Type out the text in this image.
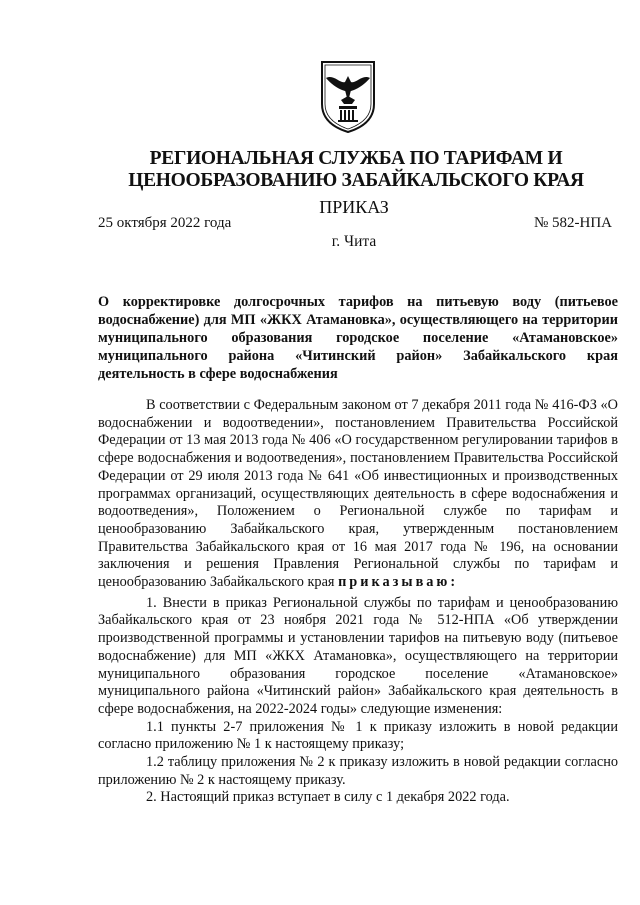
РЕГИОНАЛЬНАЯ СЛУЖБА ПО ТАРИФАМ И
ЦЕНООБРАЗОВАНИЮ ЗАБАЙКАЛЬСКОГО КРАЯ
ПРИКАЗ
25 октября 2022 года	№ 582-НПА
г. Чита
О корректировке долгосрочных тарифов на питьевую воду (питьевое водоснабжение) для МП «ЖКХ Атамановка», осуществляющего на территории муниципального образования городское поселение «Атамановское» муниципального района «Читинский район» Забайкальского края деятельность в сфере водоснабжения

В соответствии с Федеральным законом от 7 декабря 2011 года № 416-ФЗ «О водоснабжении и водоотведении», постановлением Правительства Российской Федерации от 13 мая 2013 года № 406 «О государственном регулировании тарифов в сфере водоснабжения и водоотведения», постановлением Правительства Российской Федерации от 29 июля 2013 года № 641 «Об инвестиционных и производственных программах организаций, осуществляющих деятельность в сфере водоснабжения и водоотведения», Положением о Региональной службе по тарифам и ценообразованию Забайкальского края, утвержденным постановлением Правительства Забайкальского края от 16 мая 2017 года № 196, на основании заключения и решения Правления Региональной службы по тарифам и ценообразованию Забайкальского края приказываю:

1. Внести в приказ Региональной службы по тарифам и ценообразованию Забайкальского края от 23 ноября 2021 года № 512-НПА «Об утверждении производственной программы и установлении тарифов на питьевую воду (питьевое водоснабжение) для МП «ЖКХ Атамановка», осуществляющего на территории муниципального образования городское поселение «Атамановское» муниципального района «Читинский район» Забайкальского края деятельность в сфере водоснабжения, на 2022-2024 годы» следующие изменения:

1.1 пункты 2-7 приложения № 1 к приказу изложить в новой редакции согласно приложению № 1 к настоящему приказу;

1.2 таблицу приложения № 2 к приказу изложить в новой редакции согласно приложению № 2 к настоящему приказу.

2. Настоящий приказ вступает в силу с 1 декабря 2022 года.
